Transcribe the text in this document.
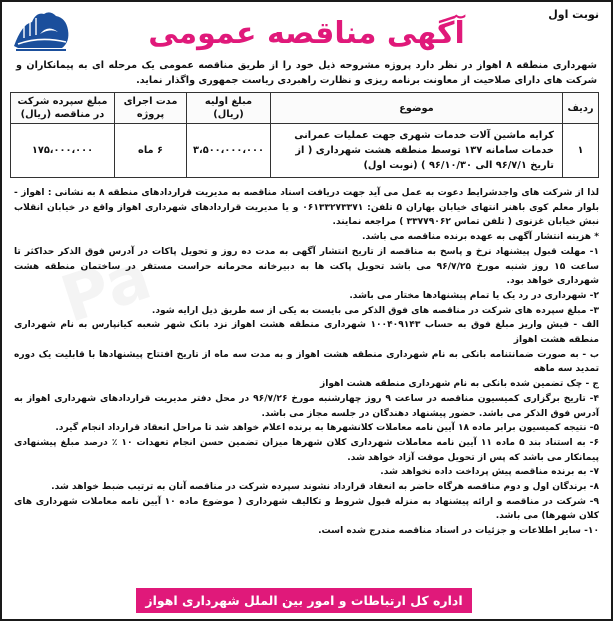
نوبت اول
آگهی مناقصه عمومی

شهرداری منطقه ۸ اهواز در نظر دارد پروژه مشروحه ذیل خود را از طریق مناقصه عمومی یک مرحله ای به پیمانکاران و شرکت های دارای صلاحیت از معاونت برنامه ریزی و نظارت راهبردی ریاست جمهوری واگذار نماید.

ردیف	موضوع	مبلغ اولیه (ریال)	مدت اجرای پروژه	مبلغ سپرده شرکت در مناقصه (ریال)
۱	کرایه ماشین آلات خدمات شهری جهت عملیات عمرانی خدمات سامانه ۱۳۷ توسط منطقه هشت شهرداری ( از تاریخ ۹۶/۷/۱ الی ۹۶/۱۰/۳۰ ) (نوبت اول)	۳،۵۰۰،۰۰۰،۰۰۰	۶ ماه	۱۷۵،۰۰۰،۰۰۰

لذا از شرکت های واجدشرایط دعوت به عمل می آید جهت دریافت اسناد مناقصه به مدیریت قراردادهای منطقه ۸ به نشانی : اهواز - بلوار معلم کوی باهنر انتهای خیابان بهاران ۵ تلفن: ۰۶۱۳۳۲۷۳۳۷۱ و یا مدیریت قراردادهای شهرداری اهواز واقع در خیابان انقلاب نبش خیابان غزنوی ( تلفن تماس ۳۳۷۷۹۰۶۲ ) مراجعه نمایند.

* هزینه انتشار آگهی به عهده برنده مناقصه می باشد.

۱- مهلت قبول پیشنهاد نرخ و پاسخ به مناقصه از تاریخ انتشار آگهی به مدت ده روز و تحویل پاکات در آدرس فوق الذکر حداکثر تا ساعت ۱۵ روز شنبه مورخ ۹۶/۷/۲۵ می باشد تحویل پاکت ها به دبیرخانه محرمانه حراست مستقر در ساختمان منطقه هشت شهرداری خواهد بود.

۲- شهرداری در رد یک یا تمام پیشنهادها مختار می باشد.

۳- مبلغ سپرده های شرکت در مناقصه های فوق الذکر می بایست به یکی از سه طریق ذیل ارایه شود.

الف - فیش واریز مبلغ فوق به حساب ۱۰۰۴۰۹۱۴۳ شهرداری منطقه هشت اهواز نزد بانک شهر شعبه کیانپارس به نام شهرداری منطقه هشت اهواز

ب - به صورت ضمانتنامه بانکی به نام شهرداری منطقه هشت اهواز و به مدت سه ماه از تاریخ افتتاح پیشنهادها با قابلیت یک دوره تمدید سه ماهه

ج - چک تضمین شده بانکی به نام شهرداری منطقه هشت اهواز

۴- تاریخ برگزاری کمیسیون مناقصه در ساعت ۹ روز چهارشنبه مورخ ۹۶/۷/۲۶ در محل دفتر مدیریت قراردادهای شهرداری اهواز به آدرس فوق الذکر می باشد. حضور پیشنهاد دهندگان در جلسه مجاز می باشد.

۵- نتیجه کمیسیون برابر ماده ۱۸ آیین نامه معاملات کلانشهرها به برنده اعلام خواهد شد تا مراحل انعقاد قرارداد انجام گیرد.

۶- به استناد بند ۵ ماده ۱۱ آیین نامه معاملات شهرداری کلان شهرها میزان تضمین حسن انجام تعهدات ۱۰ ٪ درصد مبلغ پیشنهادی پیمانکار می باشد که پس از تحویل موقت آزاد خواهد شد.

۷- به برنده مناقصه پیش پرداخت داده نخواهد شد.

۸- برندگان اول و دوم مناقصه هرگاه حاضر به انعقاد قرارداد نشوند سپرده شرکت در مناقصه آنان به ترتیب ضبط خواهد شد.

۹- شرکت در مناقصه و ارائه پیشنهاد به منزله قبول شروط و تکالیف شهرداری ( موضوع ماده ۱۰ آیین نامه معاملات شهرداری های کلان شهرها) می باشد.

۱۰- سایر اطلاعات و جزئیات در اسناد مناقصه مندرج شده است.

اداره کل ارتباطات و امور بین الملل شهرداری اهواز
